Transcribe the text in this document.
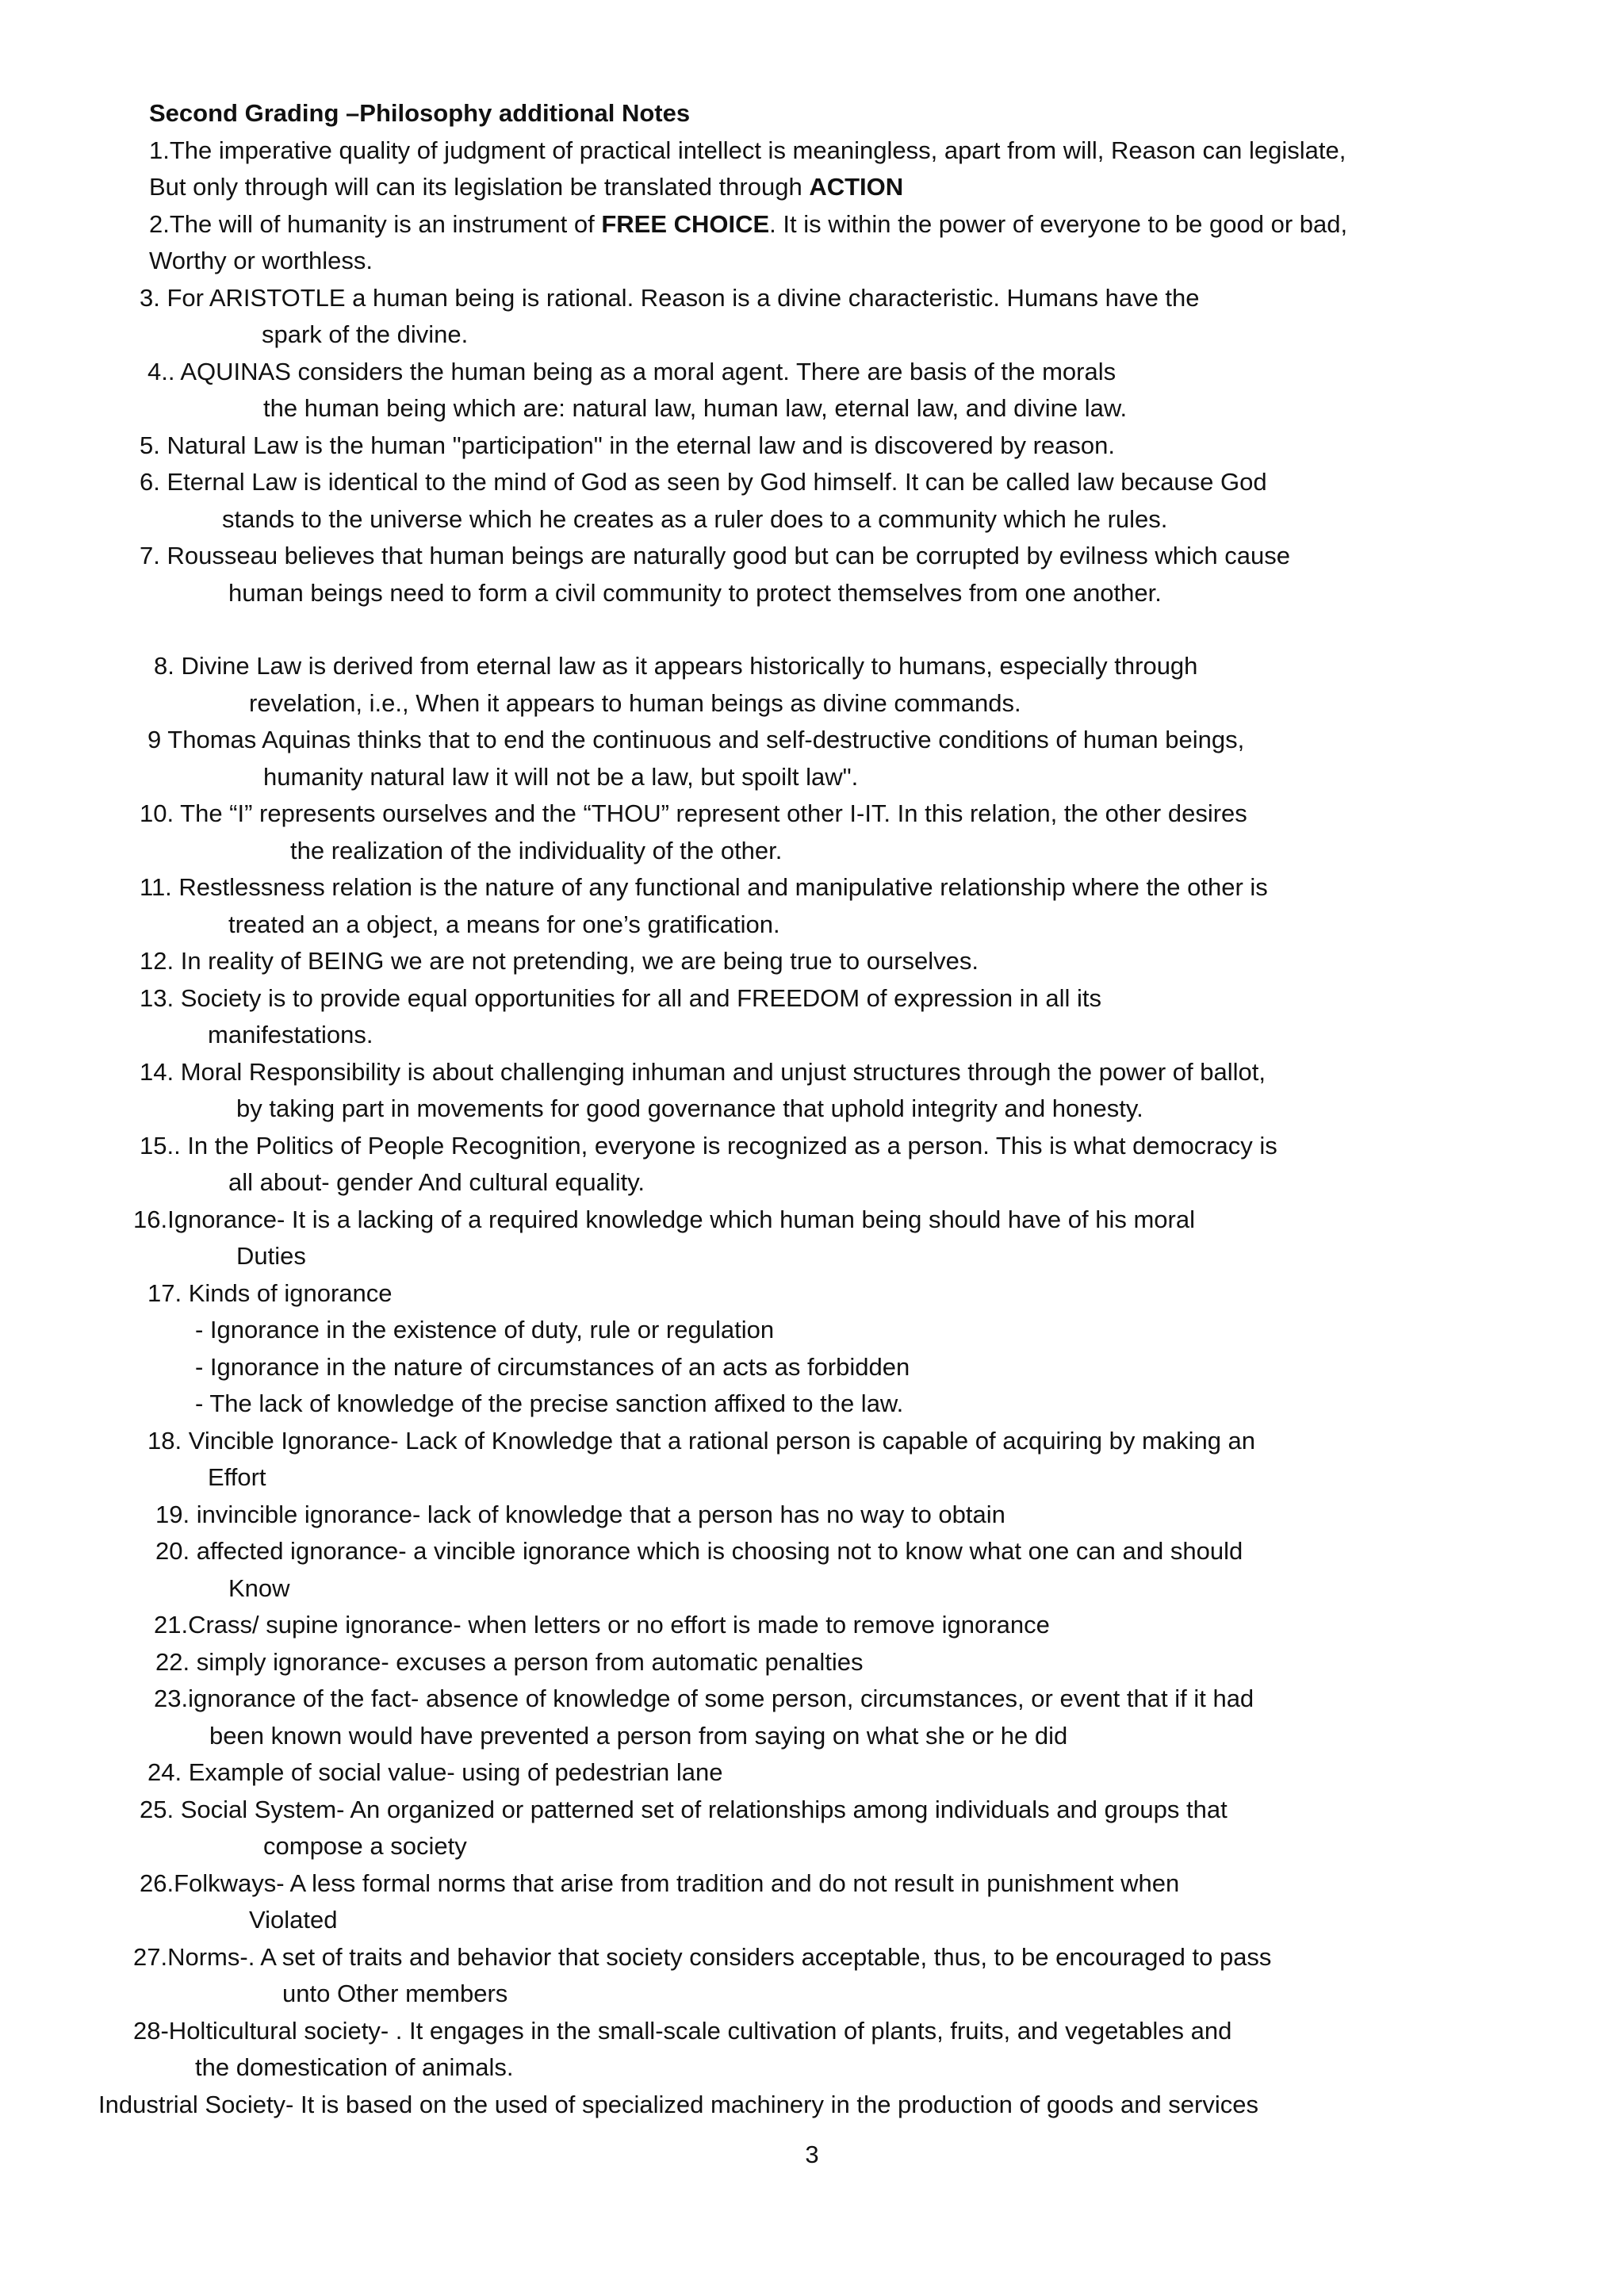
Second Grading –Philosophy additional Notes
1.The imperative quality of judgment of practical intellect is meaningless, apart from will, Reason can legislate,
But only through will can its legislation be translated through ACTION
2.The will of humanity is an instrument of FREE CHOICE. It is within the power of everyone to be good or bad,
Worthy or worthless.
3. For ARISTOTLE a human being is rational. Reason is a divine characteristic. Humans have the
spark of the divine.
4.. AQUINAS considers the human being as a moral agent. There are basis of the morals
the human being which are: natural law, human law, eternal law, and divine law.
5. Natural Law is the human "participation" in the eternal law and is discovered by reason.
6. Eternal Law is identical to the mind of God as seen by God himself. It can be called law because God
stands to the universe which he creates as a ruler does to a community which he rules.
7. Rousseau believes that human beings are naturally good but can be corrupted by evilness which cause
human beings need to form a civil community to protect themselves from one another.
8. Divine Law is derived from eternal law as it appears historically to humans, especially through
revelation, i.e., When it appears to human beings as divine commands.
9 Thomas Aquinas thinks that to end the continuous and self-destructive conditions of human beings,
humanity natural law it will not be a law, but spoilt law".
10. The “I” represents ourselves and the “THOU” represent other I-IT. In this relation, the other desires
the realization of the individuality of the other.
11. Restlessness relation is the nature of any functional and manipulative relationship where the other is
treated an a object, a means for one’s gratification.
12. In reality of BEING we are not pretending, we are being true to ourselves.
13. Society is to provide equal opportunities for all and FREEDOM of expression in all its
manifestations.
14. Moral Responsibility is about challenging inhuman and unjust structures through the power of ballot,
by taking part in movements for good governance that uphold integrity and honesty.
15.. In the Politics of People Recognition, everyone is recognized as a person. This is what democracy is
all about- gender And cultural equality.
16.Ignorance- It is a lacking of a required knowledge which human being should have of his moral
Duties
17. Kinds of ignorance
- Ignorance in the existence of duty, rule or regulation
- Ignorance in the nature of circumstances of an acts as forbidden
- The lack of knowledge of the precise sanction affixed to the law.
18. Vincible Ignorance- Lack of Knowledge that a rational person is capable of acquiring by making an
Effort
19. invincible ignorance- lack of knowledge that a person has no way to obtain
20. affected ignorance- a vincible ignorance which is choosing not to know what one can and should
Know
21.Crass/ supine ignorance- when letters or no effort is made to remove ignorance
22. simply ignorance- excuses a person from automatic penalties
23.ignorance of the fact- absence of knowledge of some person, circumstances, or event that if it had
been known would have prevented a person from saying on what she or he did
24. Example of social value- using of pedestrian lane
25. Social System- An organized or patterned set of relationships among individuals and groups that
compose a society
26.Folkways- A less formal norms that arise from tradition and do not result in punishment when
Violated
27.Norms-. A set of traits and behavior that society considers acceptable, thus, to be encouraged to pass
unto Other members
28-Holticultural society- . It engages in the small-scale cultivation of plants, fruits, and vegetables and
the domestication of animals.
Industrial Society- It is based on the used of specialized machinery in the production of goods and services
3
